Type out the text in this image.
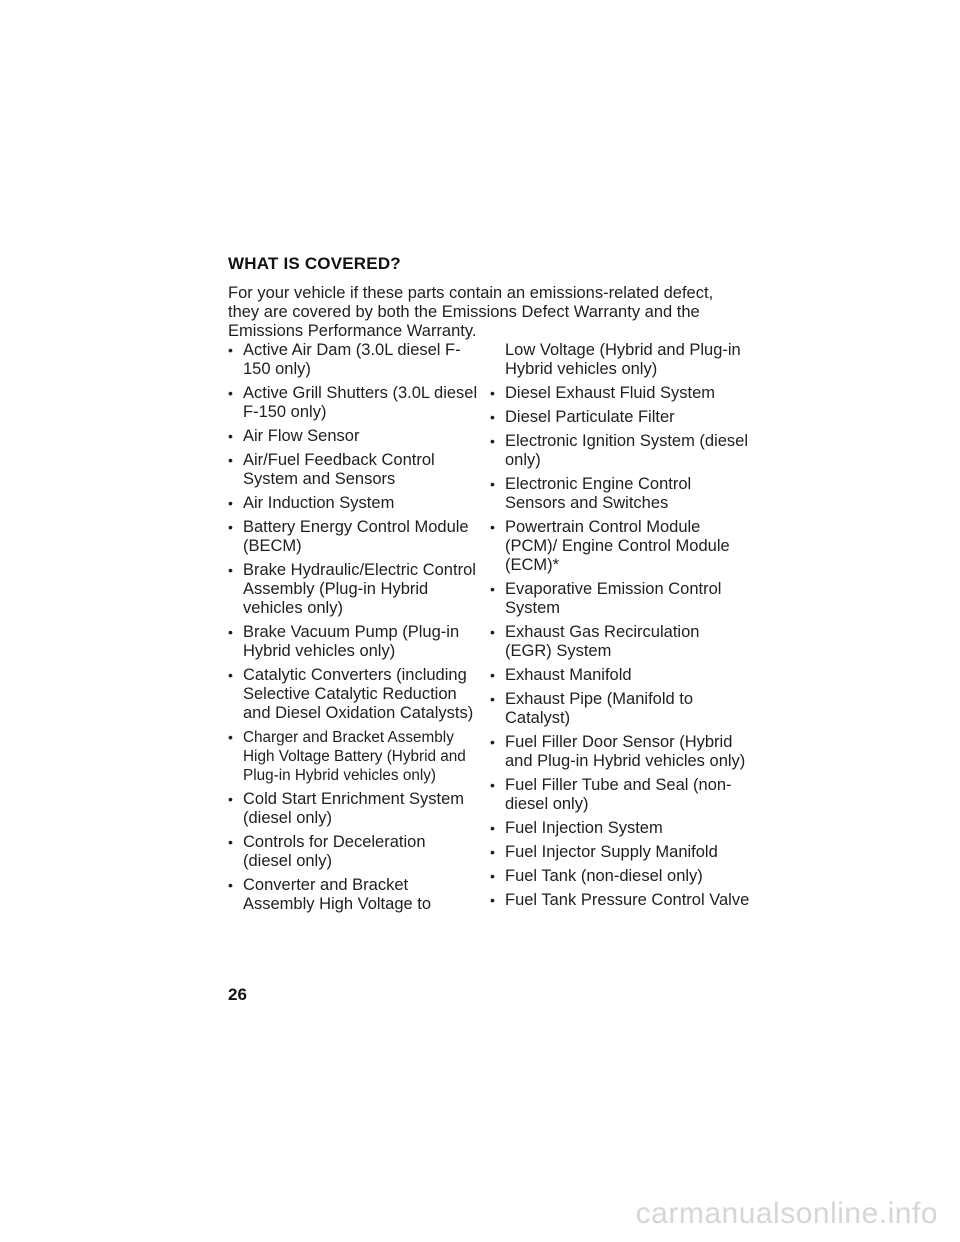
WHAT IS COVERED?

For your vehicle if these parts contain an emissions-related defect, they are covered by both the Emissions Defect Warranty and the Emissions Performance Warranty.

• Active Air Dam (3.0L diesel F-150 only)
• Active Grill Shutters (3.0L diesel F-150 only)
• Air Flow Sensor
• Air/Fuel Feedback Control System and Sensors
• Air Induction System
• Battery Energy Control Module (BECM)
• Brake Hydraulic/Electric Control Assembly (Plug-in Hybrid vehicles only)
• Brake Vacuum Pump (Plug-in Hybrid vehicles only)
• Catalytic Converters (including Selective Catalytic Reduction and Diesel Oxidation Catalysts)
• Charger and Bracket Assembly High Voltage Battery (Hybrid and Plug-in Hybrid vehicles only)
• Cold Start Enrichment System (diesel only)
• Controls for Deceleration (diesel only)
• Converter and Bracket Assembly High Voltage to
Low Voltage (Hybrid and Plug-in Hybrid vehicles only)
• Diesel Exhaust Fluid System
• Diesel Particulate Filter
• Electronic Ignition System (diesel only)
• Electronic Engine Control Sensors and Switches
• Powertrain Control Module (PCM)/ Engine Control Module (ECM)*
• Evaporative Emission Control System
• Exhaust Gas Recirculation (EGR) System
• Exhaust Manifold
• Exhaust Pipe (Manifold to Catalyst)
• Fuel Filler Door Sensor (Hybrid and Plug-in Hybrid vehicles only)
• Fuel Filler Tube and Seal (non-diesel only)
• Fuel Injection System
• Fuel Injector Supply Manifold
• Fuel Tank (non-diesel only)
• Fuel Tank Pressure Control Valve

26

carmanualsonline.info
